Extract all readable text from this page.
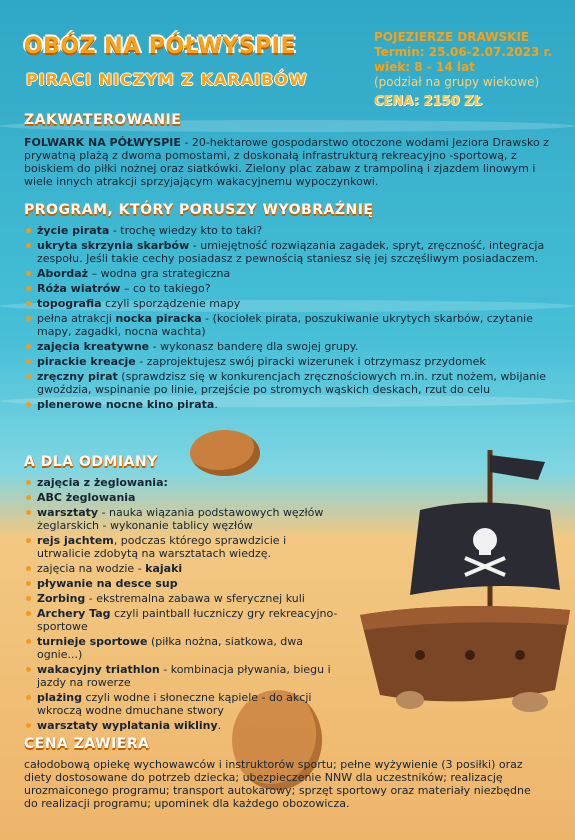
OBÓZ NA PÓŁWYSPIE
PIRACI NICZYM Z KARAIBÓW
POJEZIERZE DRAWSKIE
Termin: 25.06-2.07.2023 r.
wiek: 8 - 14 lat
(podział na grupy wiekowe)
CENA: 2150 ZŁ
ZAKWATEROWANIE
FOLWARK NA PÓŁWYSPIE - 20-hektarowe gospodarstwo otoczone wodami Jeziora Drawsko z prywatną plażą z dwoma pomostami, z doskonałą infrastrukturą rekreacyjno -sportową, z boiskiem do piłki nożnej oraz siatkówki. Zielony plac zabaw z trampoliną i zjazdem linowym i wiele innych atrakcji sprzyjającym wakacyjnemu wypoczynkowi.
PROGRAM, KTÓRY PORUSZY WYOBRAŹNIĘ
życie pirata - trochę wiedzy kto to taki?
ukryta skrzynia skarbów - umiejętność rozwiązania zagadek, spryt, zręczność, integracja zespołu. Jeśli takie cechy posiadasz z pewnością staniesz się jej szczęśliwym posiadaczem.
Abordaż – wodna gra strategiczna
Róża wiatrów – co to takiego?
topografia czyli sporządzenie mapy
pełna atrakcji nocka piracka - (kociołek pirata, poszukiwanie ukrytych skarbów, czytanie mapy, zagadki, nocna wachta)
zajęcia kreatywne - wykonasz banderę dla swojej grupy.
pirackie kreacje - zaprojektujesz swój piracki wizerunek i otrzymasz przydomek
zręczny pirat (sprawdzisz się w konkurencjach zręcznościowych m.in. rzut nożem, wbijanie gwoździa, wspinanie po linie, przejście po stromych wąskich deskach, rzut do celu
plenerowe nocne kino pirata.
A DLA ODMIANY
zajęcia z żeglowania:
ABC żeglowania
warsztaty - nauka wiązania podstawowych węzłów żeglarskich - wykonanie tablicy węzłów
rejs jachtem, podczas którego sprawdzicie i utrwalicie zdobytą na warsztatach wiedzę.
zajęcia na wodzie - kajaki
pływanie na desce sup
Zorbing - ekstremalna zabawa w sferycznej kuli
Archery Tag czyli paintball łuczniczy gry rekreacyjno-sportowe
turnieje sportowe (piłka nożna, siatkowa, dwa ognie...)
wakacyjny triathlon - kombinacja pływania, biegu i jazdy na rowerze
plażing czyli wodne i słoneczne kąpiele - do akcji wkroczą wodne dmuchane stwory
warsztaty wyplatania wikliny.
CENA ZAWIERA
całodobową opiekę wychowawców i instruktorów sportu; pełne wyżywienie (3 posiłki) oraz diety dostosowane do potrzeb dziecka; ubezpieczenie NNW dla uczestników; realizację urozmaiconego programu; transport autokarowy; sprzęt sportowy oraz materiały niezbędne do realizacji programu; upominek dla każdego obozowicza.
